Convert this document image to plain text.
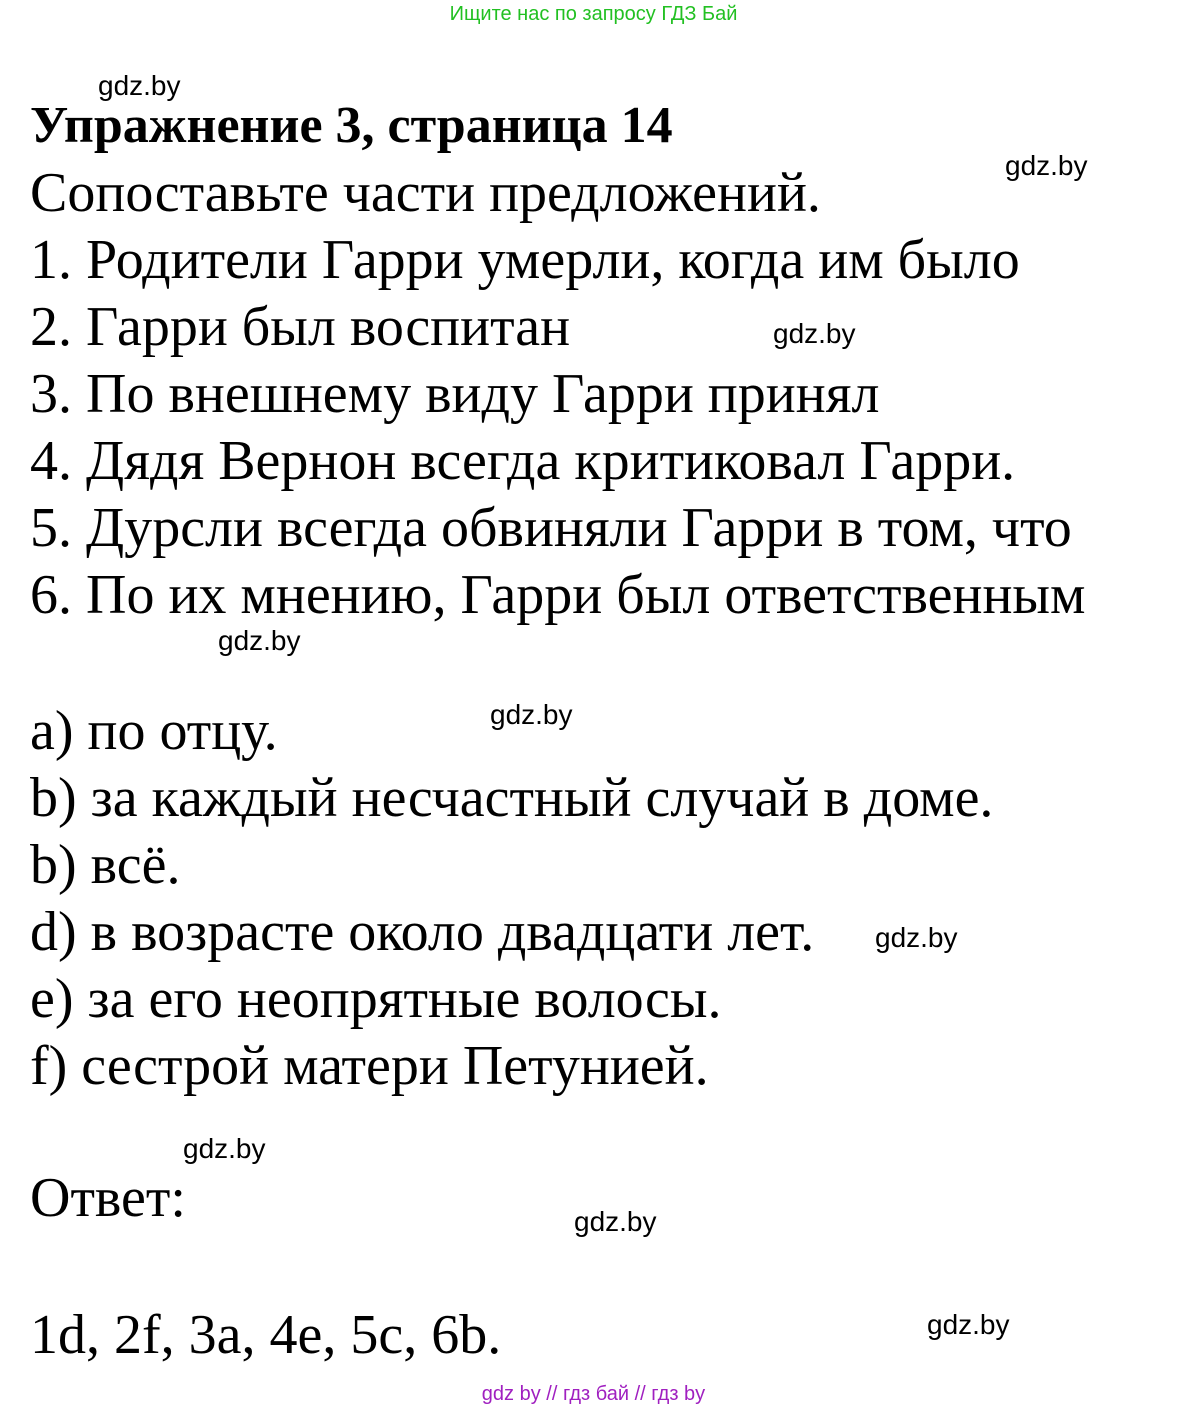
Ищите нас по запросу ГДЗ Бай
gdz.by
Упражнение 3, страница 14
gdz.by
Сопоставьте части предложений.
1. Родители Гарри умерли, когда им было
2. Гарри был воспитан	gdz.by
3. По внешнему виду Гарри принял
4. Дядя Вернон всегда критиковал Гарри.
5. Дурсли всегда обвиняли Гарри в том, что
6. По их мнению, Гарри был ответственным
gdz.by
gdz.by
a) по отцу.
b) за каждый несчастный случай в доме.
b) всё.
d) в возрасте около двадцати лет. gdz.by
e) за его неопрятные волосы.
f) сестрой матери Петунией.
gdz.by
Ответ:	gdz.by
gdz.by
1d, 2f, 3a, 4e, 5c, 6b.
gdz by // гдз бай // гдз by
